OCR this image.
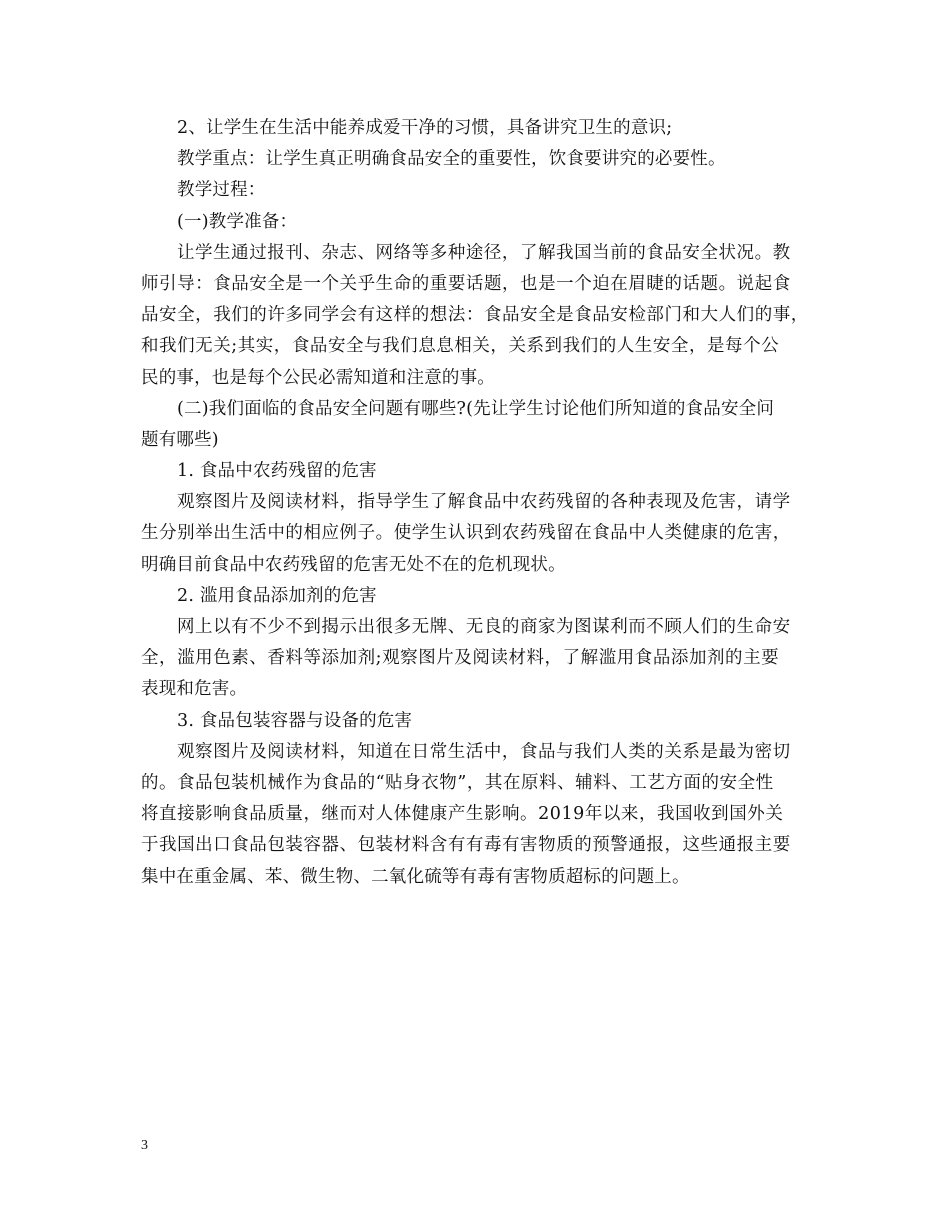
2、让学生在生活中能养成爱干净的习惯，具备讲究卫生的意识;
教学重点：让学生真正明确食品安全的重要性，饮食要讲究的必要性。
教学过程：
(一)教学准备：
让学生通过报刊、杂志、网络等多种途径，了解我国当前的食品安全状况。教
师引导：食品安全是一个关乎生命的重要话题，也是一个迫在眉睫的话题。说起食
品安全，我们的许多同学会有这样的想法：食品安全是食品安检部门和大人们的事，
和我们无关;其实，食品安全与我们息息相关，关系到我们的人生安全，是每个公
民的事，也是每个公民必需知道和注意的事。
(二)我们面临的食品安全问题有哪些?(先让学生讨论他们所知道的食品安全问
题有哪些)
1. 食品中农药残留的危害
观察图片及阅读材料，指导学生了解食品中农药残留的各种表现及危害，请学
生分别举出生活中的相应例子。使学生认识到农药残留在食品中人类健康的危害，
明确目前食品中农药残留的危害无处不在的危机现状。
2. 滥用食品添加剂的危害
网上以有不少不到揭示出很多无牌、无良的商家为图谋利而不顾人们的生命安
全，滥用色素、香料等添加剂;观察图片及阅读材料，了解滥用食品添加剂的主要
表现和危害。
3. 食品包装容器与设备的危害
观察图片及阅读材料，知道在日常生活中，食品与我们人类的关系是最为密切
的。食品包装机械作为食品的“贴身衣物”，其在原料、辅料、工艺方面的安全性
将直接影响食品质量，继而对人体健康产生影响。2019年以来，我国收到国外关
于我国出口食品包装容器、包装材料含有有毒有害物质的预警通报，这些通报主要
集中在重金属、苯、微生物、二氧化硫等有毒有害物质超标的问题上。
3
